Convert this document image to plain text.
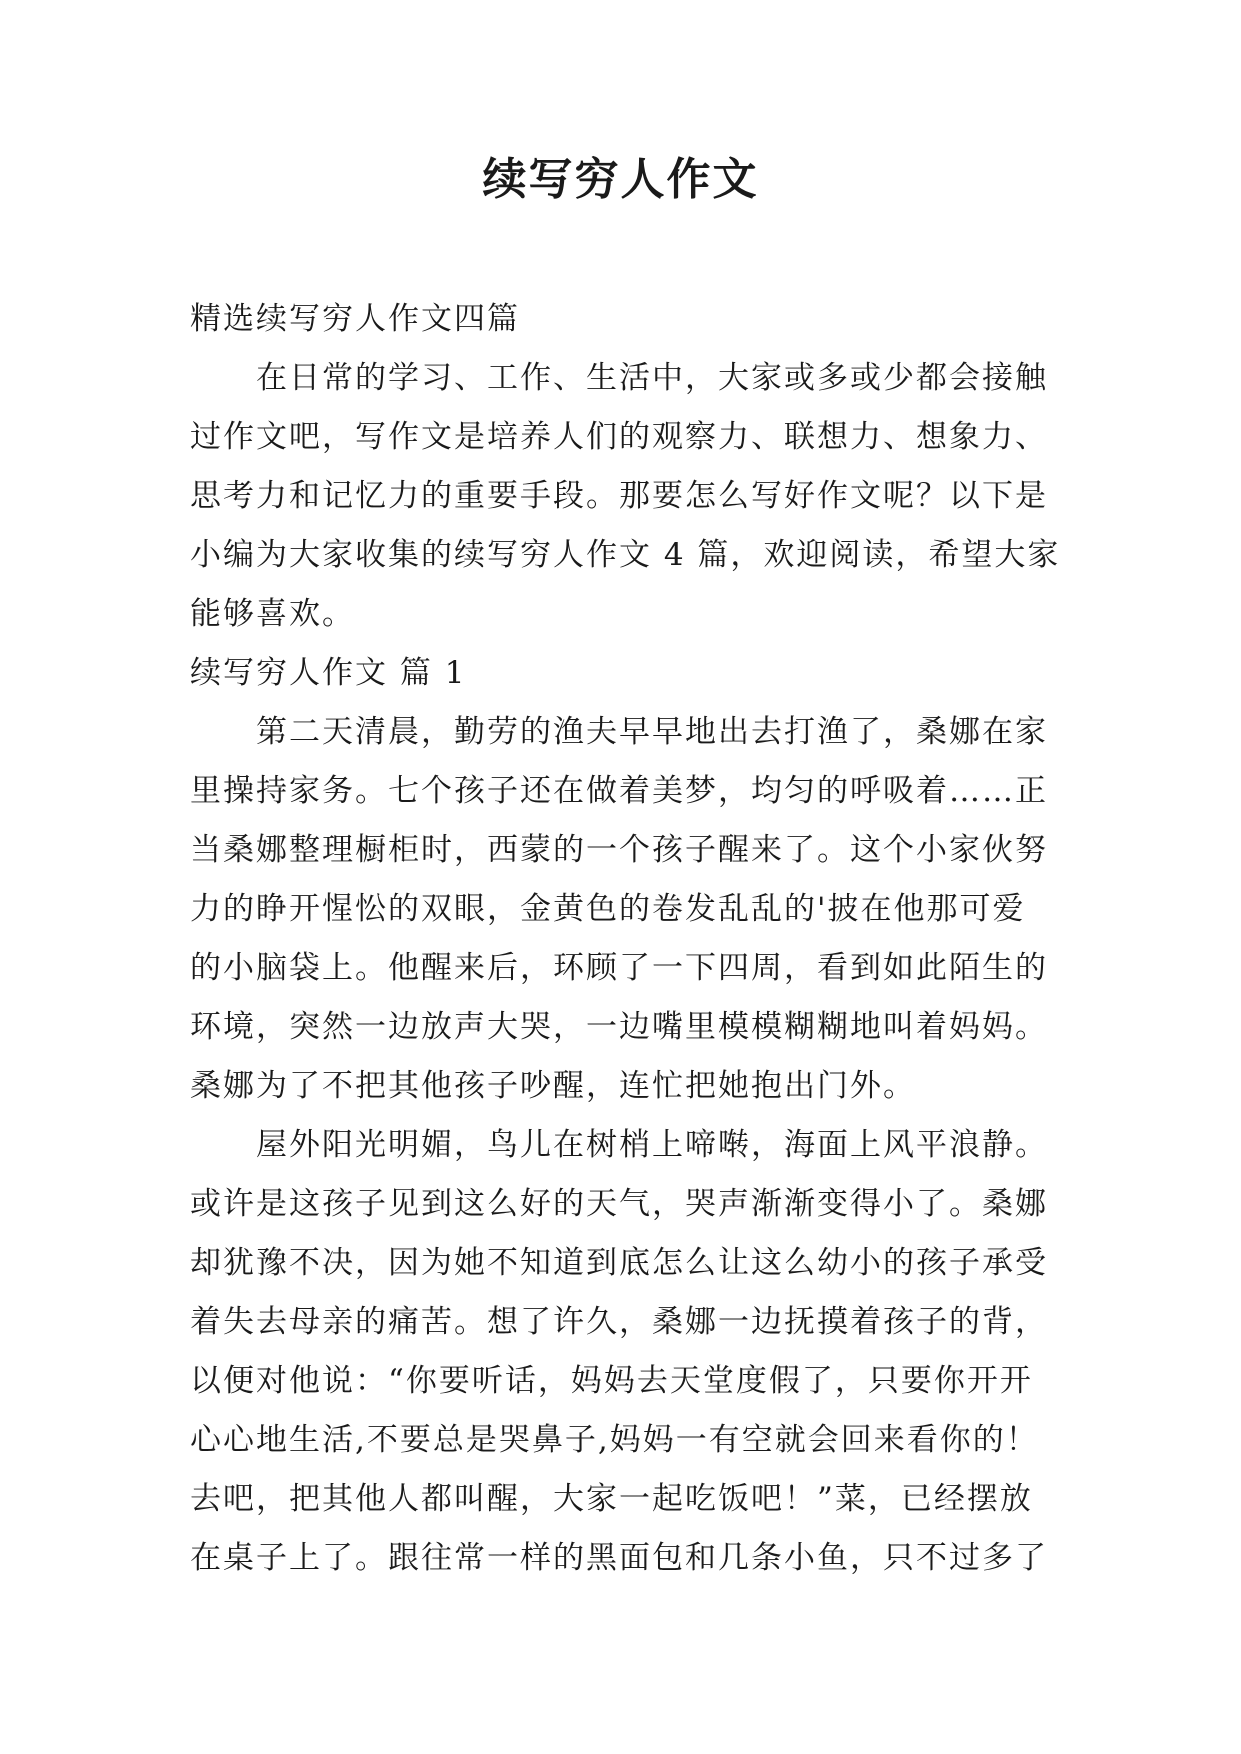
续写穷人作文
精选续写穷人作文四篇
　　在日常的学习、工作、生活中，大家或多或少都会接触
过作文吧，写作文是培养人们的观察力、联想力、想象力、
思考力和记忆力的重要手段。那要怎么写好作文呢？以下是
小编为大家收集的续写穷人作文 4 篇，欢迎阅读，希望大家
能够喜欢。
续写穷人作文 篇 1
　　第二天清晨，勤劳的渔夫早早地出去打渔了，桑娜在家
里操持家务。七个孩子还在做着美梦，均匀的呼吸着……正
当桑娜整理橱柜时，西蒙的一个孩子醒来了。这个小家伙努
力的睁开惺忪的双眼，金黄色的卷发乱乱的'披在他那可爱
的小脑袋上。他醒来后，环顾了一下四周，看到如此陌生的
环境，突然一边放声大哭，一边嘴里模模糊糊地叫着妈妈。
桑娜为了不把其他孩子吵醒，连忙把她抱出门外。
　　屋外阳光明媚，鸟儿在树梢上啼啭，海面上风平浪静。
或许是这孩子见到这么好的天气，哭声渐渐变得小了。桑娜
却犹豫不决，因为她不知道到底怎么让这么幼小的孩子承受
着失去母亲的痛苦。想了许久，桑娜一边抚摸着孩子的背，
以便对他说：“你要听话，妈妈去天堂度假了，只要你开开
心心地生活,不要总是哭鼻子,妈妈一有空就会回来看你的！
去吧，把其他人都叫醒，大家一起吃饭吧！”菜，已经摆放
在桌子上了。跟往常一样的黑面包和几条小鱼，只不过多了
